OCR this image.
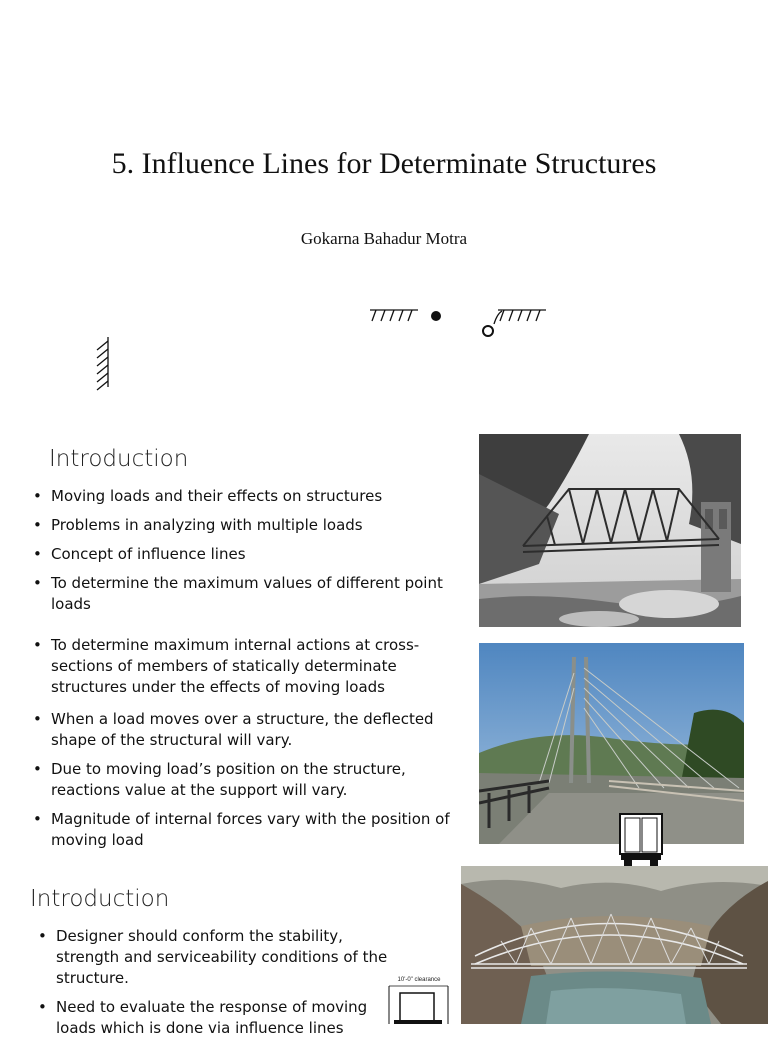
5. Influence Lines for Determinate Structures
Gokarna Bahadur Motra
Introduction
• Moving loads and their effects on structures
• Problems in analyzing with multiple loads
• Concept of influence lines
• To determine the maximum values of different point loads
• To determine maximum internal actions at cross-sections of members of statically determinate structures under the effects of moving loads
• When a load moves over a structure, the deflected shape of the structural will vary.
• Due to moving load’s position on the structure, reactions value at the support will vary.
• Magnitude of internal forces vary with the position of moving load
Introduction
• Designer should conform the stability, strength and serviceability conditions of the structure.
• Need to evaluate the response of moving loads which is done via influence lines
10'-0" clearance
